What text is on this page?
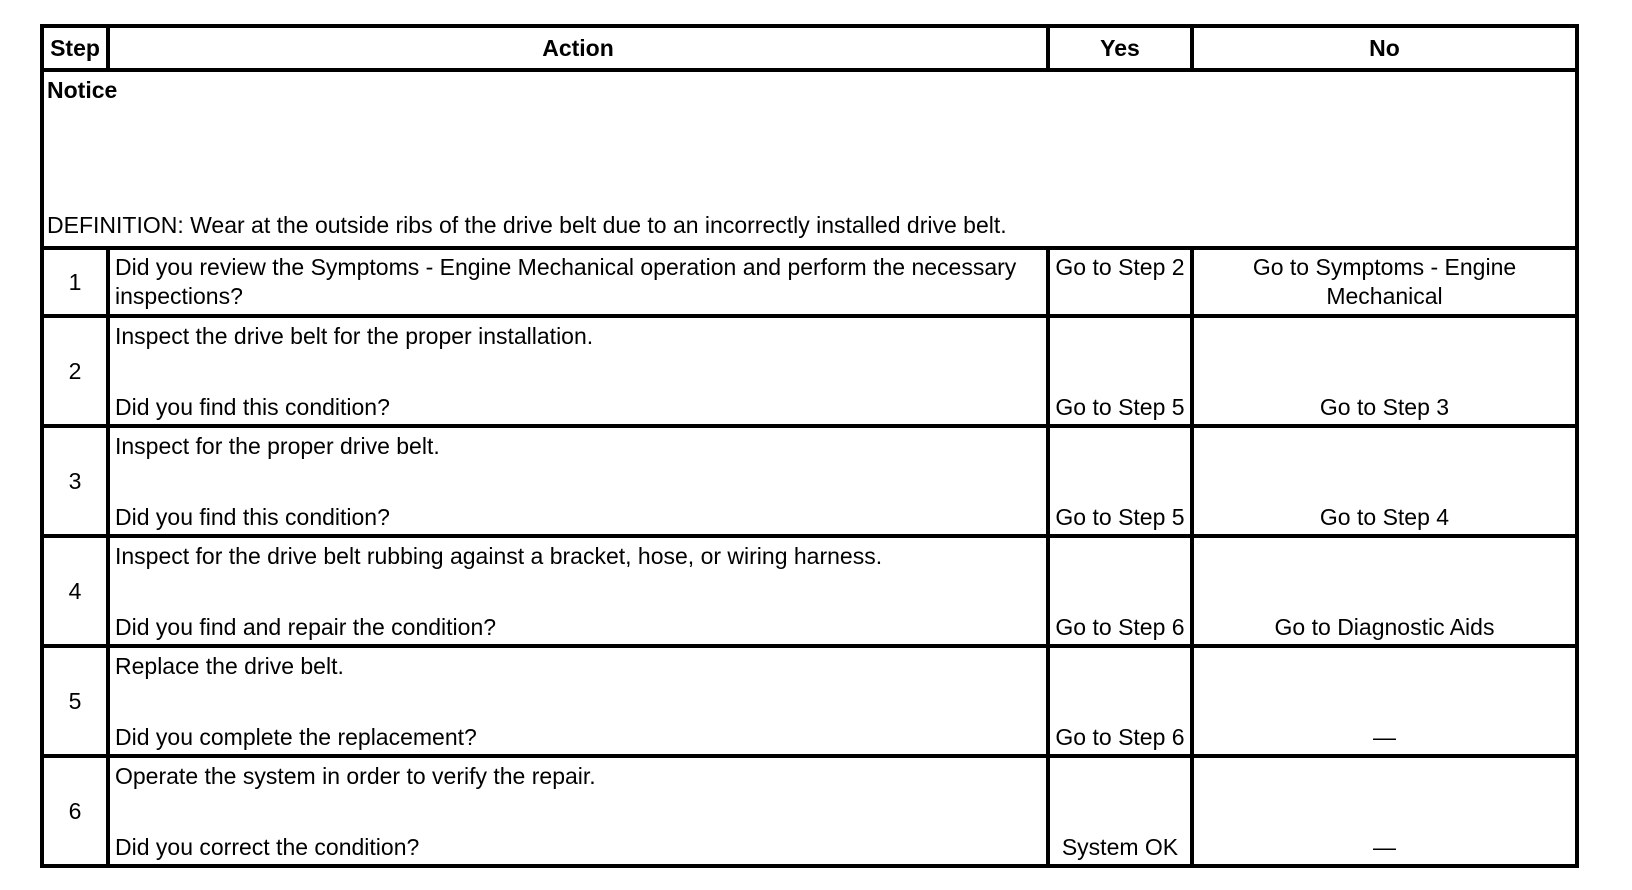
Step	Action	Yes	No

Notice
DEFINITION: Wear at the outside ribs of the drive belt due to an incorrectly installed drive belt.			

1	Did you review the Symptoms - Engine Mechanical operation and perform the necessary inspections?	Go to Step 2	Go to Symptoms - Engine Mechanical
2	Inspect the drive belt for the proper installation.
Did you find this condition?	Go to Step 5	Go to Step 3
3	Inspect for the proper drive belt.
Did you find this condition?	Go to Step 5	Go to Step 4
4	Inspect for the drive belt rubbing against a bracket, hose, or wiring harness.
Did you find and repair the condition?	Go to Step 6	Go to Diagnostic Aids
5	Replace the drive belt.
Did you complete the replacement?	Go to Step 6	—
6	Operate the system in order to verify the repair.
Did you correct the condition?	System OK	—
